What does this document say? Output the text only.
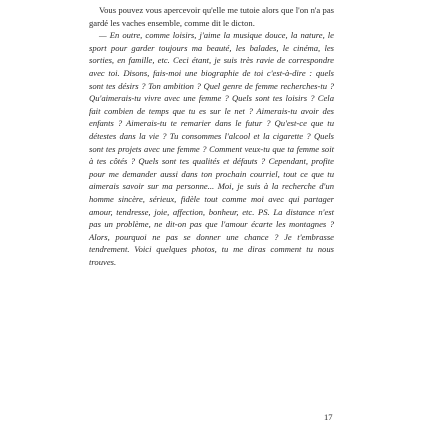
Vous pouvez vous apercevoir qu'elle me tutoie alors que l'on n'a pas gardé les vaches ensemble, comme dit le dicton.

— En outre, comme loisirs, j'aime la musique douce, la nature, le sport pour garder toujours ma beauté, les balades, le cinéma, les sorties, en famille, etc. Ceci étant, je suis très ravie de correspondre avec toi. Disons, fais-moi une biographie de toi c'est-à-dire : quels sont tes désirs ? Ton ambition ? Quel genre de femme recherches-tu ? Qu'aimerais-tu vivre avec une femme ? Quels sont tes loisirs ? Cela fait combien de temps que tu es sur le net ? Aimerais-tu avoir des enfants ? Aimerais-tu te remarier dans le futur ? Qu'est-ce que tu détestes dans la vie ? Tu consommes l'alcool et la cigarette ? Quels sont tes projets avec une femme ? Comment veux-tu que ta femme soit à tes côtés ? Quels sont tes qualités et défauts ? Cependant, profite pour me demander aussi dans ton prochain courriel, tout ce que tu aimerais savoir sur ma personne... Moi, je suis à la recherche d'un homme sincère, sérieux, fidèle tout comme moi avec qui partager amour, tendresse, joie, affection, bonheur, etc. PS. La distance n'est pas un problème, ne dit-on pas que l'amour écarte les montagnes ? Alors, pourquoi ne pas se donner une chance ? Je t'embrasse tendrement. Voici quelques photos, tu me diras comment tu nous trouves.

17
